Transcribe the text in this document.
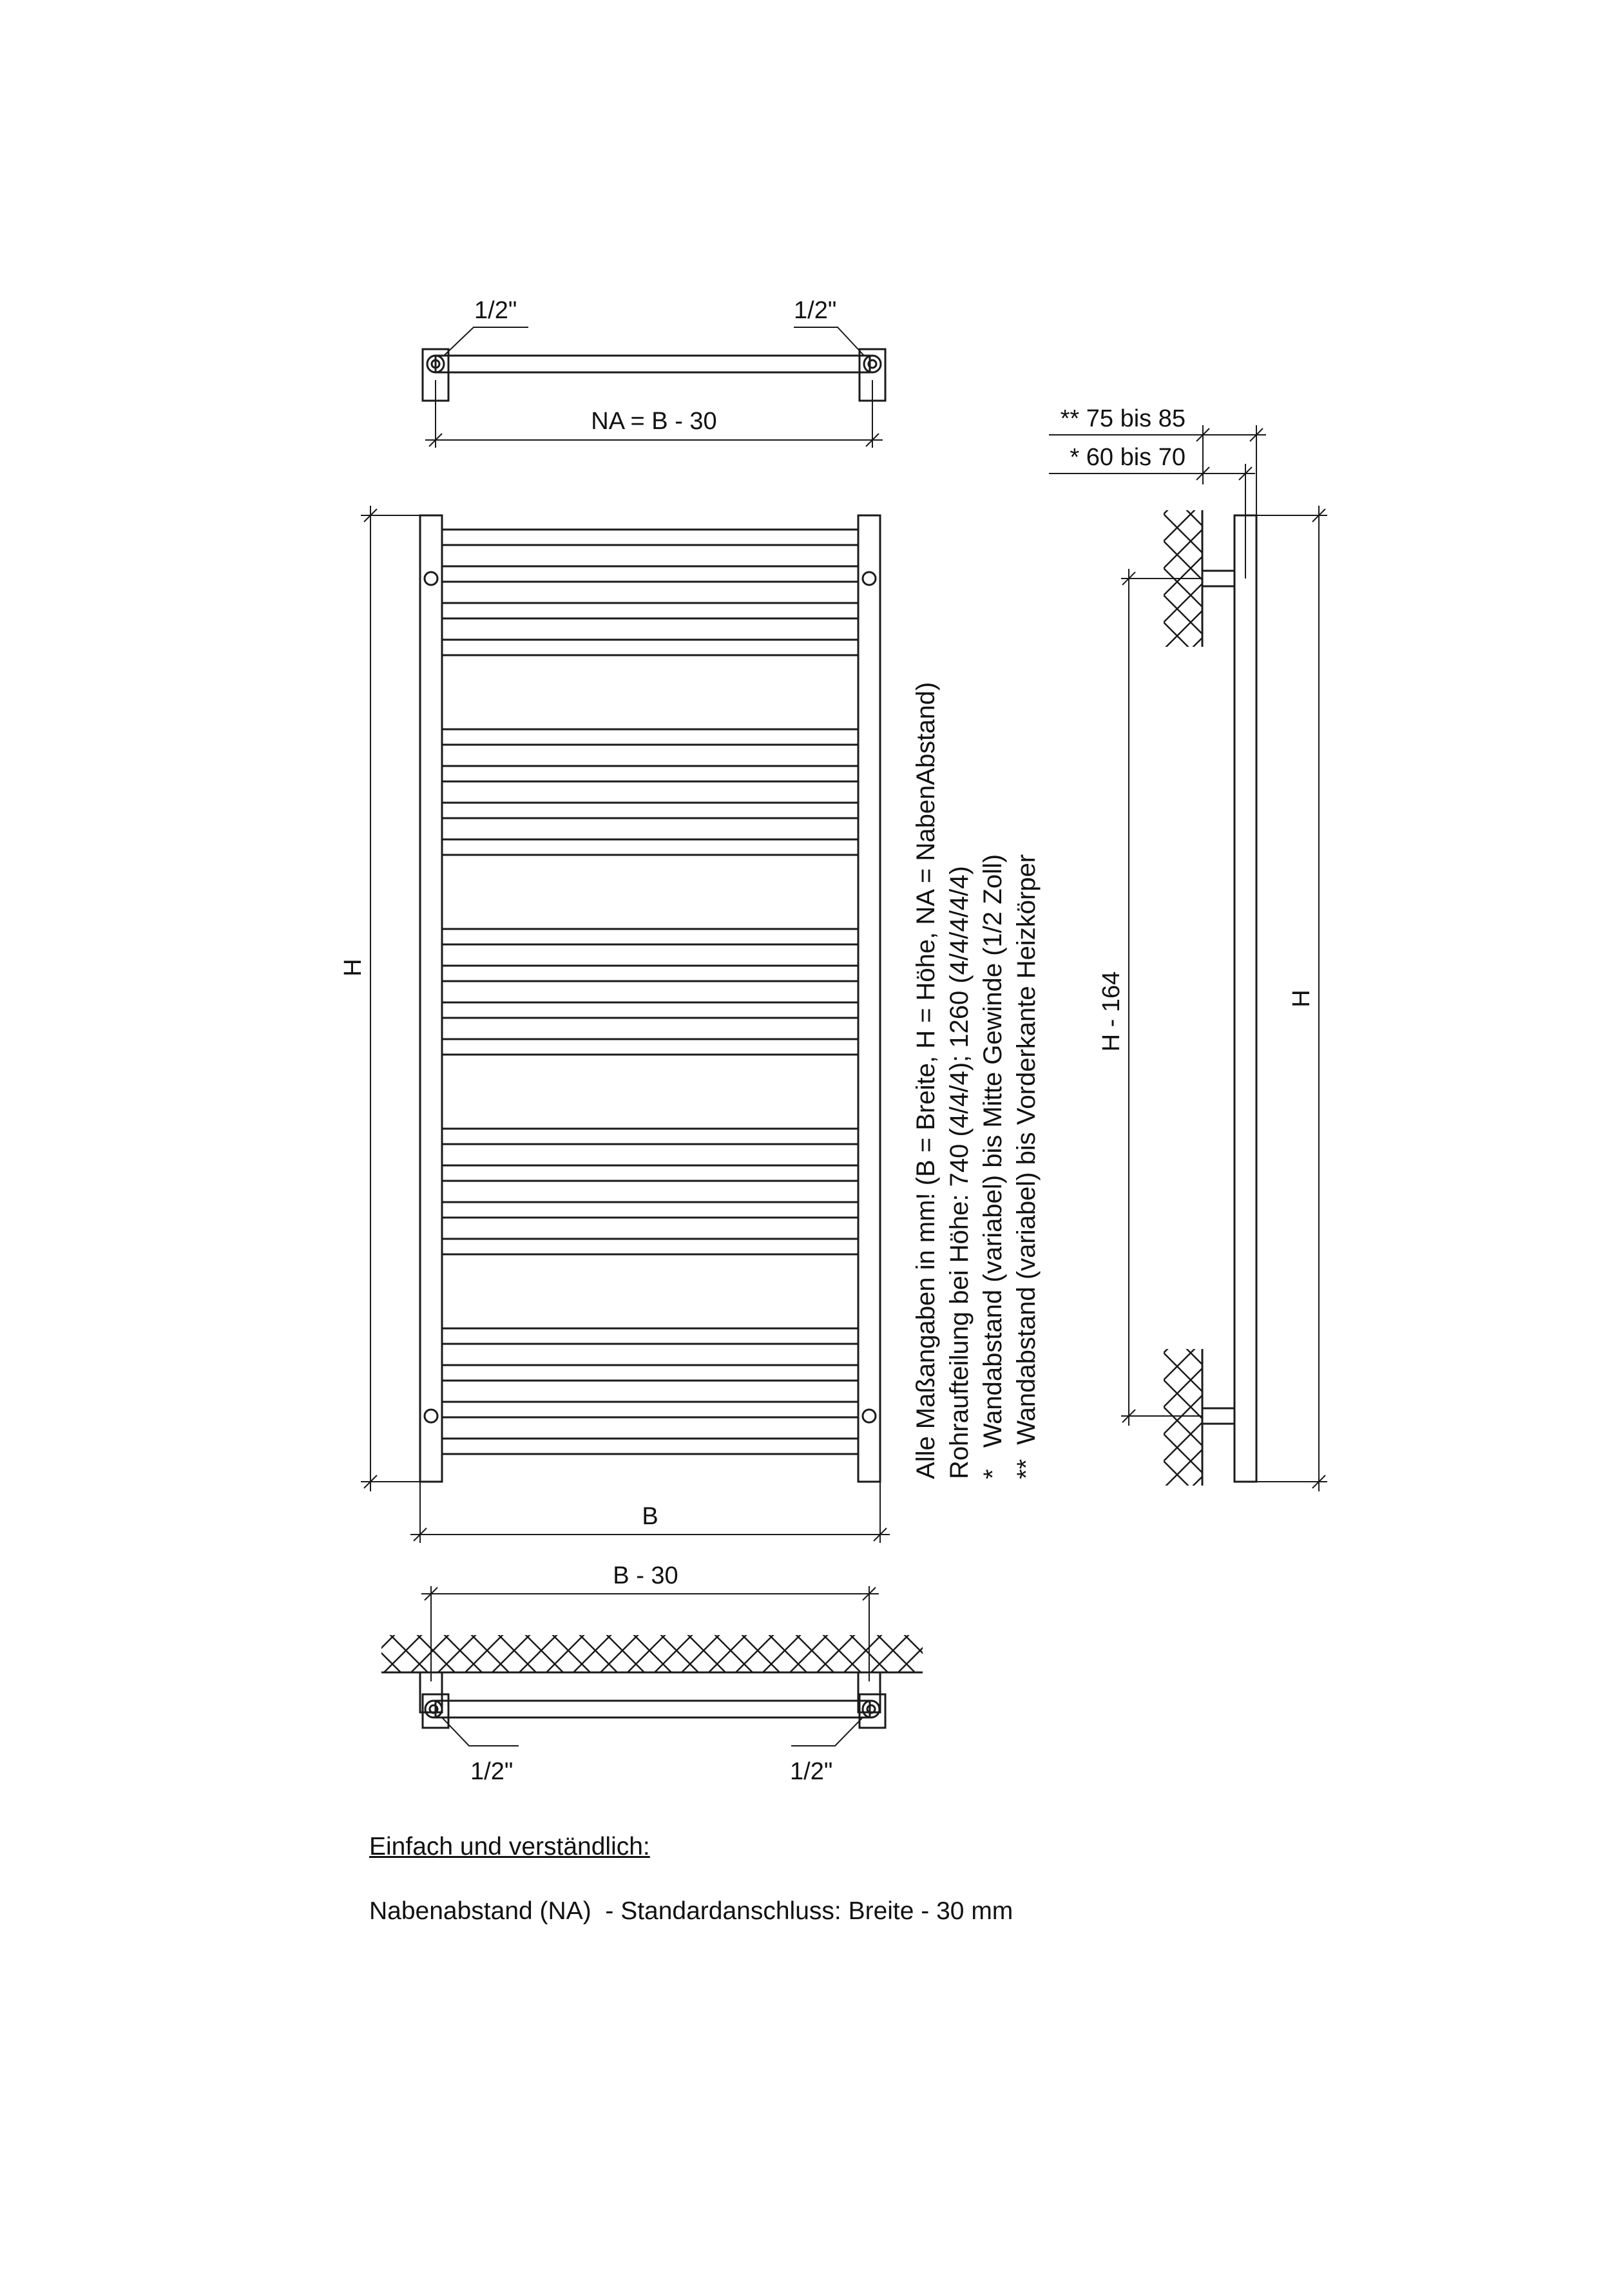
1/2"	1/2"
NA = B - 30
H
B
B - 30
1/2"	1/2"
Alle Maßangaben in mm! (B = Breite, H = Höhe, NA = NabenAbstand) Rohraufteilung bei Höhe: 740 (4/4/4); 1260 (4/4/4/4/4) *   Wandabstand (variabel) bis Mitte Gewinde (1/2 Zoll) **  Wandabstand (variabel) bis Vorderkante Heizkörper
** 75 bis 85
* 60 bis 70
H - 164	H
Einfach und verständlich:
Nabenabstand (NA)  - Standardanschluss: Breite - 30 mm
